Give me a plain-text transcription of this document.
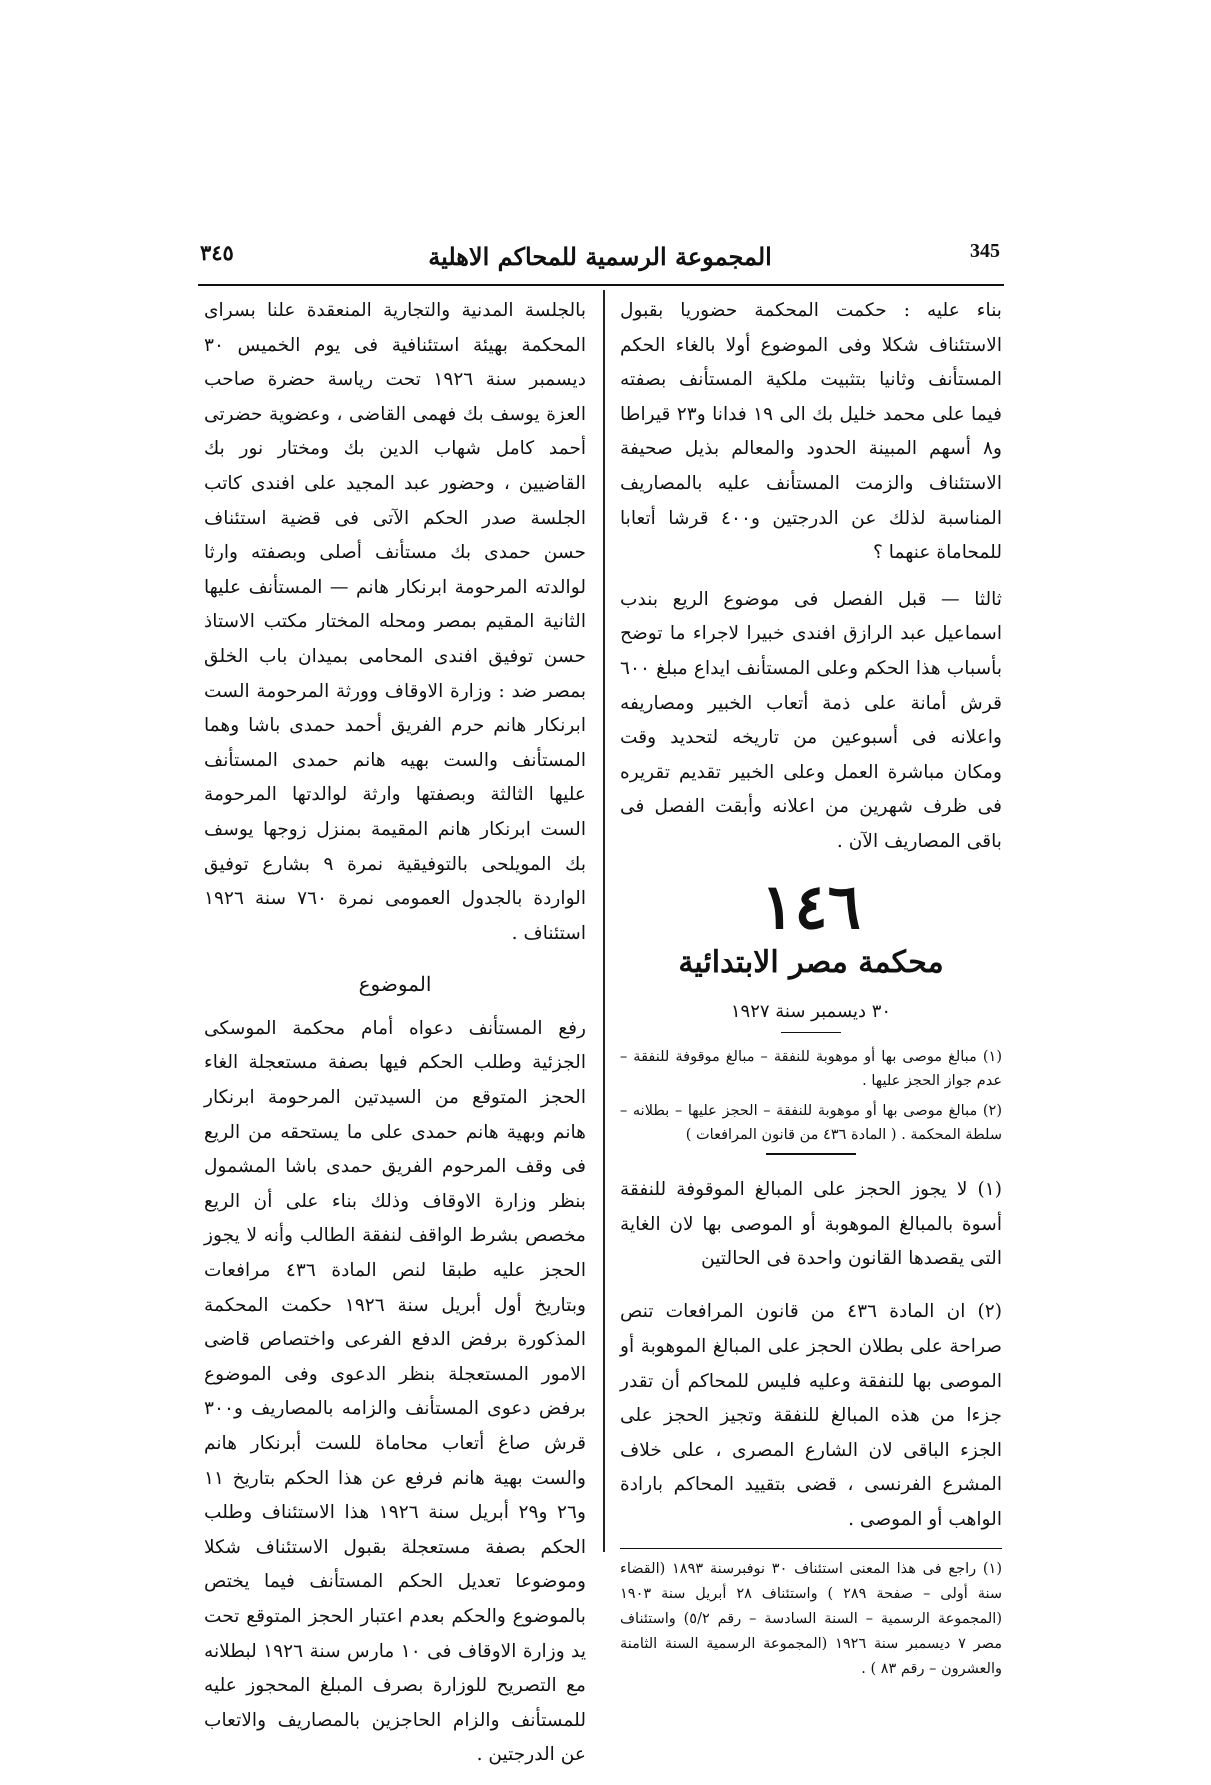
٣٤٥	المجموعة الرسمية للمحاكم الاهلية	345

بناء عليه : حكمت المحكمة حضوريا بقبول الاستئناف شكلا وفى الموضوع أولا بالغاء الحكم المستأنف وثانيا بتثبيت ملكية المستأنف بصفته فيما على محمد خليل بك الى ١٩ فدانا و٢٣ قيراطا و٨ أسهم المبينة الحدود والمعالم بذيل صحيفة الاستئناف والزمت المستأنف عليه بالمصاريف المناسبة لذلك عن الدرجتين و٤٠٠ قرشا أتعابا للمحاماة عنهما ؟

ثالثا — قبل الفصل فى موضوع الريع بندب اسماعيل عبد الرازق افندى خبيرا لاجراء ما توضح بأسباب هذا الحكم وعلى المستأنف ايداع مبلغ ٦٠٠ قرش أمانة على ذمة أتعاب الخبير ومصاريفه واعلانه فى أسبوعين من تاريخه لتحديد وقت ومكان مباشرة العمل وعلى الخبير تقديم تقريره فى ظرف شهرين من اعلانه وأبقت الفصل فى باقى المصاريف الآن .

١٤٦
محكمة مصر الابتدائية
٣٠ ديسمبر سنة ١٩٢٧
(١) مبالغ موصى بها أو موهوبة للنفقة – مبالغ موقوفة للنفقة – عدم جواز الحجز عليها .
(٢) مبالغ موصى بها أو موهوبة للنفقة – الحجز عليها – بطلانه – سلطة المحكمة . ( المادة ٤٣٦ من قانون المرافعات )

(١) لا يجوز الحجز على المبالغ الموقوفة للنفقة أسوة بالمبالغ الموهوبة أو الموصى بها لان الغاية التى يقصدها القانون واحدة فى الحالتين

(٢) ان المادة ٤٣٦ من قانون المرافعات تنص صراحة على بطلان الحجز على المبالغ الموهوبة أو الموصى بها للنفقة وعليه فليس للمحاكم أن تقدر جزءا من هذه المبالغ للنفقة وتجيز الحجز على الجزء الباقى لان الشارع المصرى ، على خلاف المشرع الفرنسى ، قضى بتقييد المحاكم بارادة الواهب أو الموصى .

(١) راجع فى هذا المعنى استئناف ٣٠ نوفبرسنة ١٨٩٣ (القضاء سنة أولى – صفحة ٢٨٩ ) واستئناف ٢٨ أبريل سنة ١٩٠٣ (المجموعة الرسمية – السنة السادسة – رقم ٥/٢) واستئناف مصر ٧ ديسمبر سنة ١٩٢٦ (المجموعة الرسمية السنة الثامنة والعشرون – رقم ٨٣ ) .

بالجلسة المدنية والتجارية المنعقدة علنا بسراى المحكمة بهيئة استئنافية فى يوم الخميس ٣٠ ديسمبر سنة ١٩٢٦ تحت رياسة حضرة صاحب العزة يوسف بك فهمى القاضى ، وعضوية حضرتى أحمد كامل شهاب الدين بك ومختار نور بك القاضيين ، وحضور عبد المجيد على افندى كاتب الجلسة صدر الحكم الآتى فى قضية استئناف حسن حمدى بك مستأنف أصلى وبصفته وارثا لوالدته المرحومة ابرنكار هانم — المستأنف عليها الثانية المقيم بمصر ومحله المختار مكتب الاستاذ حسن توفيق افندى المحامى بميدان باب الخلق بمصر ضد : وزارة الاوقاف وورثة المرحومة الست ابرنكار هانم حرم الفريق أحمد حمدى باشا وهما المستأنف والست بهيه هانم حمدى المستأنف عليها الثالثة وبصفتها وارثة لوالدتها المرحومة الست ابرنكار هانم المقيمة بمنزل زوجها يوسف بك المويلحى بالتوفيقية نمرة ٩ بشارع توفيق الواردة بالجدول العمومى نمرة ٧٦٠ سنة ١٩٢٦ استئناف .

الموضوع

رفع المستأنف دعواه أمام محكمة الموسكى الجزئية وطلب الحكم فيها بصفة مستعجلة الغاء الحجز المتوقع من السيدتين المرحومة ابرنكار هانم وبهية هانم حمدى على ما يستحقه من الريع فى وقف المرحوم الفريق حمدى باشا المشمول بنظر وزارة الاوقاف وذلك بناء على أن الريع مخصص بشرط الواقف لنفقة الطالب وأنه لا يجوز الحجز عليه طبقا لنص المادة ٤٣٦ مرافعات وبتاريخ أول أبريل سنة ١٩٢٦ حكمت المحكمة المذكورة برفض الدفع الفرعى واختصاص قاضى الامور المستعجلة بنظر الدعوى وفى الموضوع برفض دعوى المستأنف والزامه بالمصاريف و٣٠٠ قرش صاغ أتعاب محاماة للست أبرنكار هانم والست بهية هانم فرفع عن هذا الحكم بتاريخ ١١ و٢٦ و٢٩ أبريل سنة ١٩٢٦ هذا الاستئناف وطلب الحكم بصفة مستعجلة بقبول الاستئناف شكلا وموضوعا تعديل الحكم المستأنف فيما يختص بالموضوع والحكم بعدم اعتبار الحجز المتوقع تحت يد وزارة الاوقاف فى ١٠ مارس سنة ١٩٢٦ لبطلانه مع التصريح للوزارة بصرف المبلغ المحجوز عليه للمستأنف والزام الحاجزين بالمصاريف والاتعاب عن الدرجتين .
